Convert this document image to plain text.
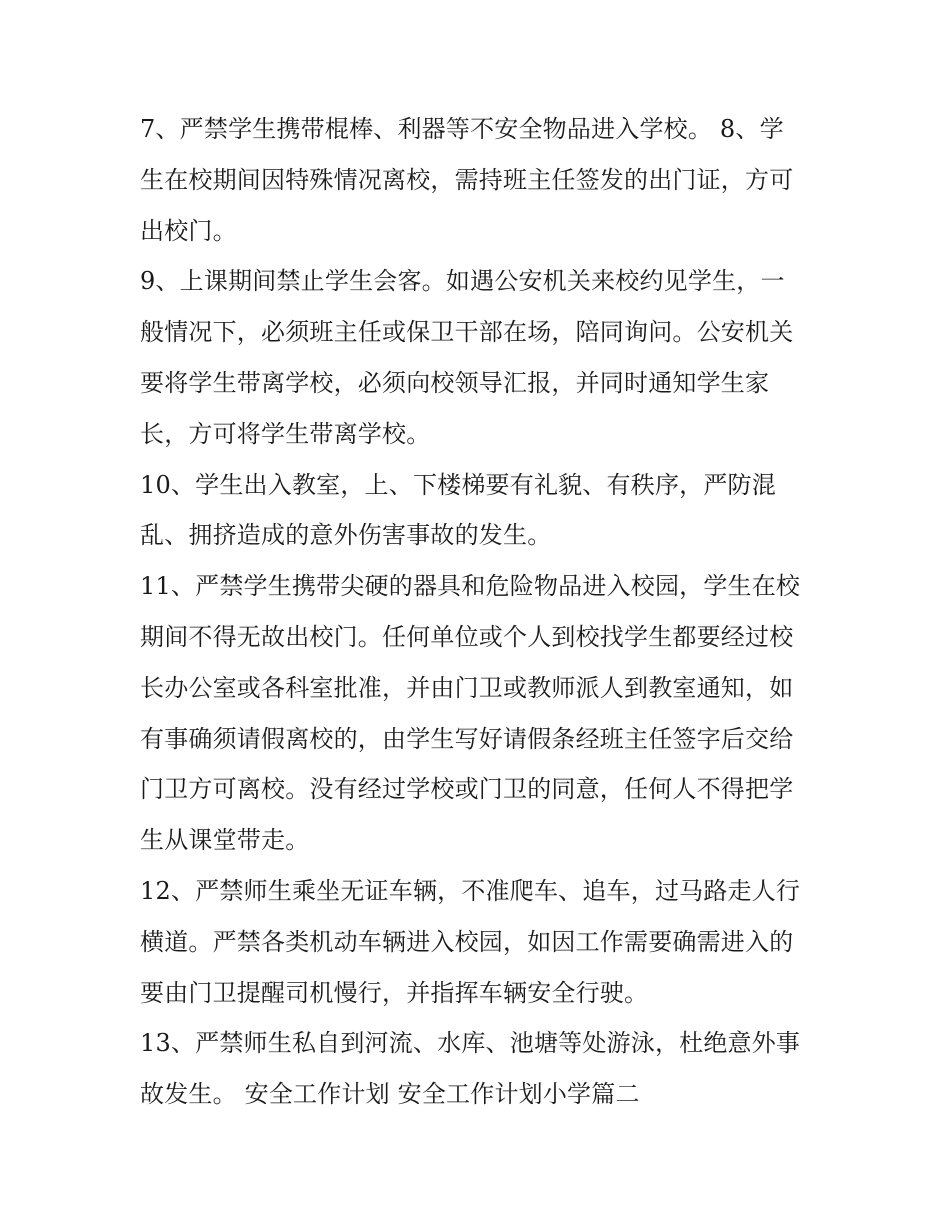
7、严禁学生携带棍棒、利器等不安全物品进入学校。 8、学
生在校期间因特殊情况离校，需持班主任签发的出门证，方可
出校门。
9、上课期间禁止学生会客。如遇公安机关来校约见学生，一
般情况下，必须班主任或保卫干部在场，陪同询问。公安机关
要将学生带离学校，必须向校领导汇报，并同时通知学生家
长，方可将学生带离学校。
10、学生出入教室，上、下楼梯要有礼貌、有秩序，严防混
乱、拥挤造成的意外伤害事故的发生。
11、严禁学生携带尖硬的器具和危险物品进入校园，学生在校
期间不得无故出校门。任何单位或个人到校找学生都要经过校
长办公室或各科室批准，并由门卫或教师派人到教室通知，如
有事确须请假离校的，由学生写好请假条经班主任签字后交给
门卫方可离校。没有经过学校或门卫的同意，任何人不得把学
生从课堂带走。
12、严禁师生乘坐无证车辆，不准爬车、追车，过马路走人行
横道。严禁各类机动车辆进入校园，如因工作需要确需进入的
要由门卫提醒司机慢行，并指挥车辆安全行驶。
13、严禁师生私自到河流、水库、池塘等处游泳，杜绝意外事
故发生。 安全工作计划 安全工作计划小学篇二
